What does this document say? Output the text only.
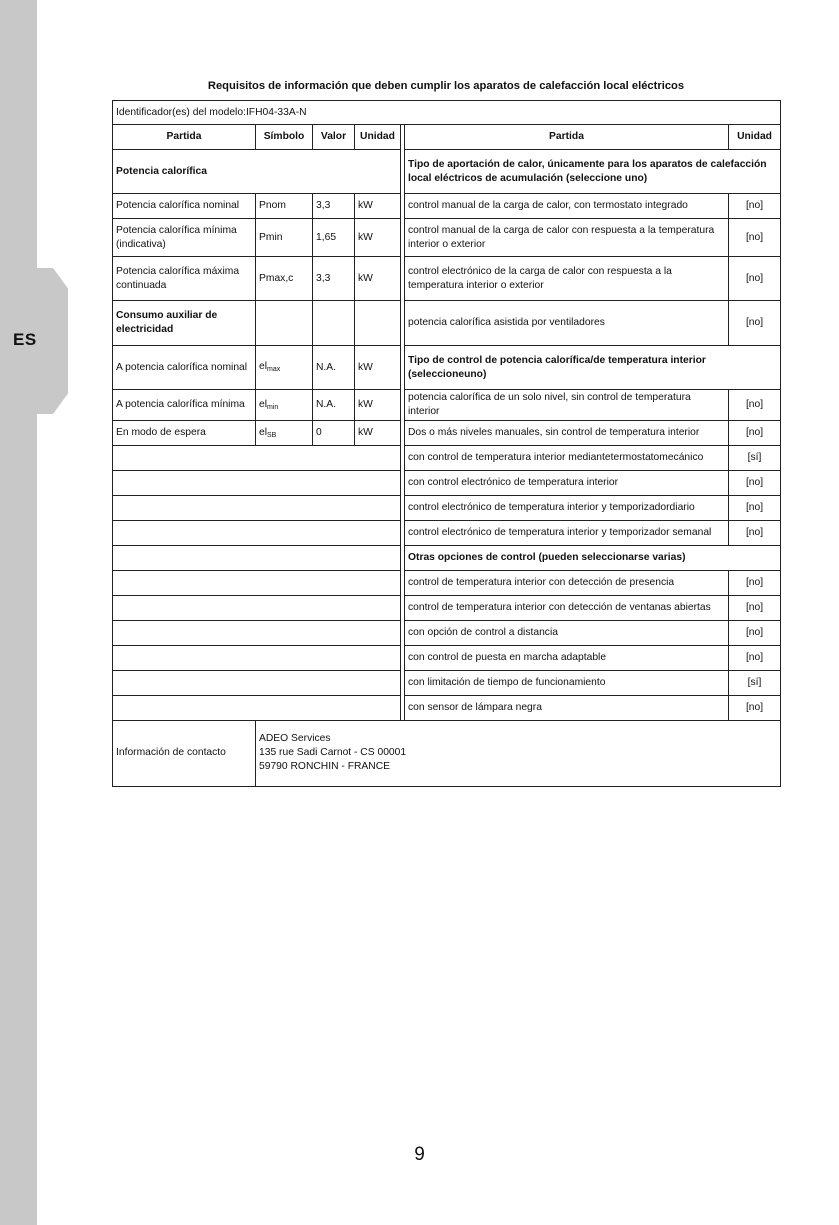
ES
Requisitos de información que deben cumplir los aparatos de calefacción local eléctricos
Identificador(es) del modelo:IFH04-33A-N						
Partida	Símbolo	Valor	Unidad		Partida	Unidad
Potencia calorífica					Tipo de aportación de calor, únicamente para los aparatos de calefacción local eléctricos de acumulación (seleccione uno)	
Potencia calorífica nominal	Pnom	3,3	kW		control manual de la carga de calor, con termostato integrado	[no]
Potencia calorífica mínima (indicativa)	Pmin	1,65	kW		control manual de la carga de calor con respuesta a la temperatura interior o exterior	[no]
Potencia calorífica máxima continuada	Pmax,c	3,3	kW		control electrónico de la carga de calor con respuesta a la temperatura interior o exterior	[no]
Consumo auxiliar de electricidad					potencia calorífica asistida por ventiladores	[no]
A potencia calorífica nominal	$el_{max}$	N.A.	kW		Tipo de control de potencia calorífica/de temperatura interior (seleccioneuno)	
A potencia calorífica mínima	$el_{min}$	N.A.	kW		potencia calorífica de un solo nivel, sin control de temperatura interior	[no]
En modo de espera	$el_{SB}$	0	kW		Dos o más niveles manuales, sin control de temperatura interior	[no]
					con control de temperatura interior mediantetermostatomecánico	[sí]
					con control electrónico de temperatura interior	[no]
					control electrónico de temperatura interior y temporizadordiario	[no]
					control electrónico de temperatura interior y temporizador semanal	[no]
					Otras opciones de control (pueden seleccionarse varias)	
					control de temperatura interior con detección de presencia	[no]
					control de temperatura interior con detección de ventanas abiertas	[no]
					con opción de control a distancia	[no]
					con control de puesta en marcha adaptable	[no]
					con limitación de tiempo de funcionamiento	[sí]
					con sensor de lámpara negra	[no]
Información de contacto	ADEO Services
135 rue Sadi Carnot - CS 00001
59790 RONCHIN - FRANCE					
9
